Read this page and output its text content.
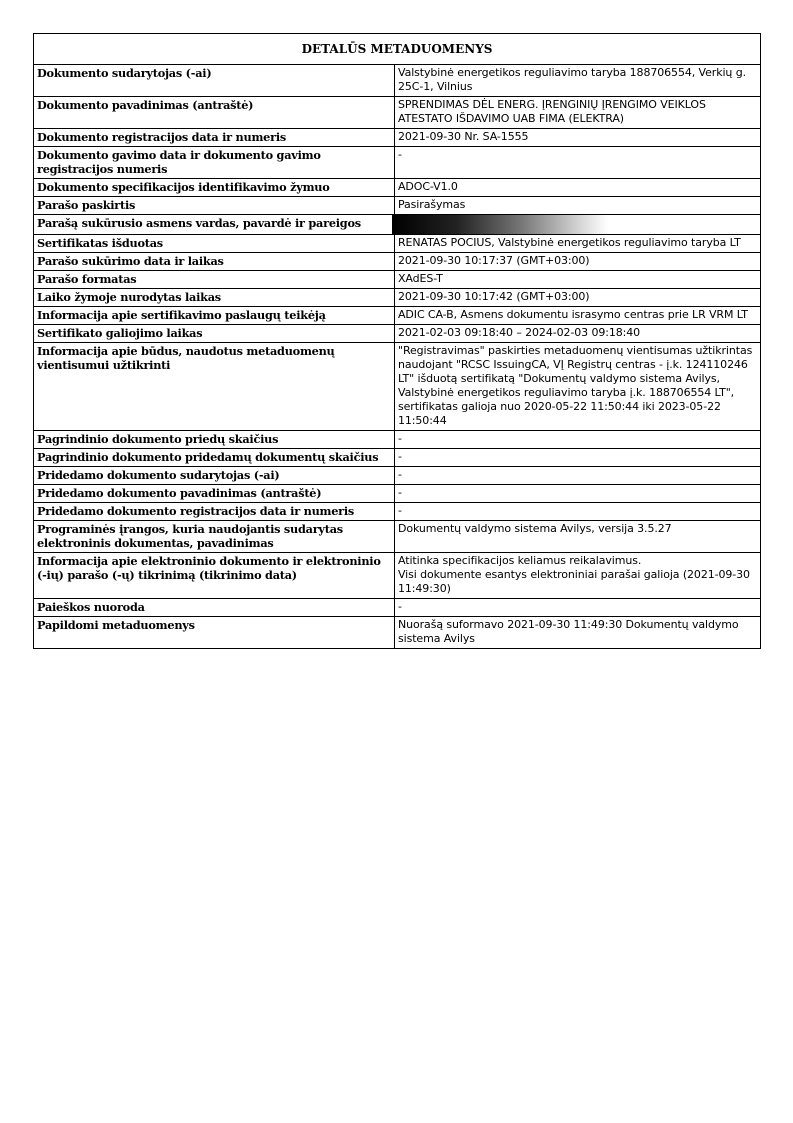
DETALŪS METADUOMENYS	
Dokumento sudarytojas (-ai)	Valstybinė energetikos reguliavimo taryba 188706554, Verkių g. 25C-1, Vilnius
Dokumento pavadinimas (antraštė)	SPRENDIMAS DĖL ENERG. ĮRENGINIŲ ĮRENGIMO VEIKLOS ATESTATO IŠDAVIMO UAB FIMA (ELEKTRA)
Dokumento registracijos data ir numeris	2021-09-30 Nr. SA-1555
Dokumento gavimo data ir dokumento gavimo registracijos numeris	-
Dokumento specifikacijos identifikavimo žymuo	ADOC-V1.0
Parašo paskirtis	Pasirašymas
Parašą sukūrusio asmens vardas, pavardė ir pareigos	

Sertifikatas išduotas	RENATAS POCIUS, Valstybinė energetikos reguliavimo taryba LT
Parašo sukūrimo data ir laikas	2021-09-30 10:17:37 (GMT+03:00)
Parašo formatas	XAdES-T
Laiko žymoje nurodytas laikas	2021-09-30 10:17:42 (GMT+03:00)
Informacija apie sertifikavimo paslaugų teikėją	ADIC CA-B, Asmens dokumentu israsymo centras prie LR VRM LT
Sertifikato galiojimo laikas	2021-02-03 09:18:40 – 2024-02-03 09:18:40
Informacija apie būdus, naudotus metaduomenų vientisumui užtikrinti	"Registravimas" paskirties metaduomenų vientisumas užtikrintas naudojant "RCSC IssuingCA, VĮ Registrų centras - į.k. 124110246 LT" išduotą sertifikatą "Dokumentų valdymo sistema Avilys, Valstybinė energetikos reguliavimo taryba į.k. 188706554 LT", sertifikatas galioja nuo 2020-05-22 11:50:44 iki 2023-05-22 11:50:44
Pagrindinio dokumento priedų skaičius	-
Pagrindinio dokumento pridedamų dokumentų skaičius	-
Pridedamo dokumento sudarytojas (-ai)	-
Pridedamo dokumento pavadinimas (antraštė)	-
Pridedamo dokumento registracijos data ir numeris	-
Programinės įrangos, kuria naudojantis sudarytas elektroninis dokumentas, pavadinimas	Dokumentų valdymo sistema Avilys, versija 3.5.27
Informacija apie elektroninio dokumento ir elektroninio (-ių) parašo (-ų) tikrinimą (tikrinimo data)	Atitinka specifikacijos keliamus reikalavimus.
Visi dokumente esantys elektroniniai parašai galioja (2021-09-30 11:49:30)
Paieškos nuoroda	-
Papildomi metaduomenys	Nuorašą suformavo 2021-09-30 11:49:30 Dokumentų valdymo sistema Avilys
